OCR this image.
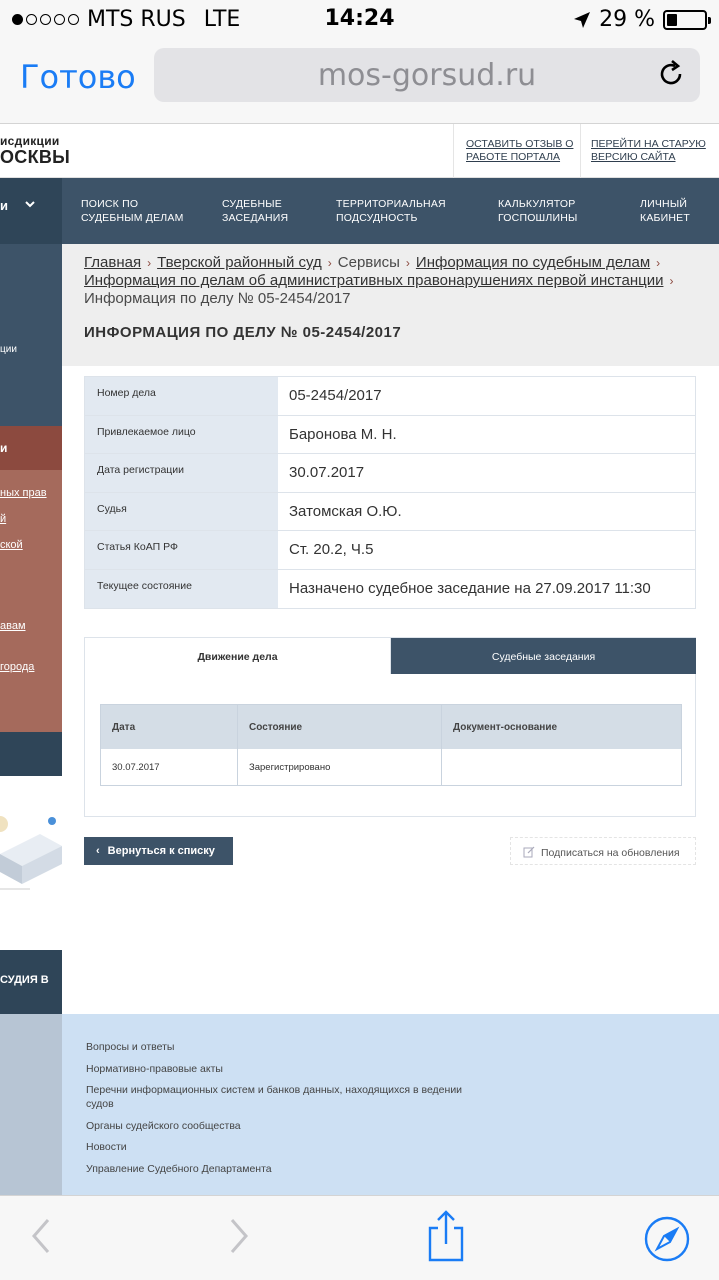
MTS RUS LTE	14:24	29 %
Готово	mos-gorsud.ru
исдикции
ОСКВЫ
ОСТАВИТЬ ОТЗЫВ О РАБОТЕ ПОРТАЛА
ПЕРЕЙТИ НА СТАРУЮ ВЕРСИЮ САЙТА
и	ПОИСК ПО СУДЕБНЫМ ДЕЛАМ
СУДЕБНЫЕ ЗАСЕДАНИЯ
ТЕРРИТОРИАЛЬНАЯ ПОДСУДНОСТЬ
КАЛЬКУЛЯТОР ГОСПОШЛИНЫ
ЛИЧНЫЙ КАБИНЕТ
ции
и
ных прав
й
ской
авам
города
СУДИЯ В
Главная › Тверской районный суд › Сервисы › Информация по судебным делам ›
Информация по делам об административных правонарушениях первой инстанции ›
Информация по делу № 05-2454/2017
ИНФОРМАЦИЯ ПО ДЕЛУ № 05-2454/2017
Номер дела	05-2454/2017
Привлекаемое лицо	Баронова М. Н.
Дата регистрации	30.07.2017
Судья	Затомская О.Ю.
Статья КоАП РФ	Ст. 20.2, Ч.5
Текущее состояние	Назначено судебное заседание на 27.09.2017 11:30
Движение дела	Судебные заседания
Дата	Состояние	Документ-основание
30.07.2017	Зарегистрировано
‹ Вернуться к списку	Подписаться на обновления
Вопросы и ответы
Нормативно-правовые акты
Перечни информационных систем и банков данных, находящихся в ведении судов
Органы судейского сообщества
Новости
Управление Судебного Департамента
